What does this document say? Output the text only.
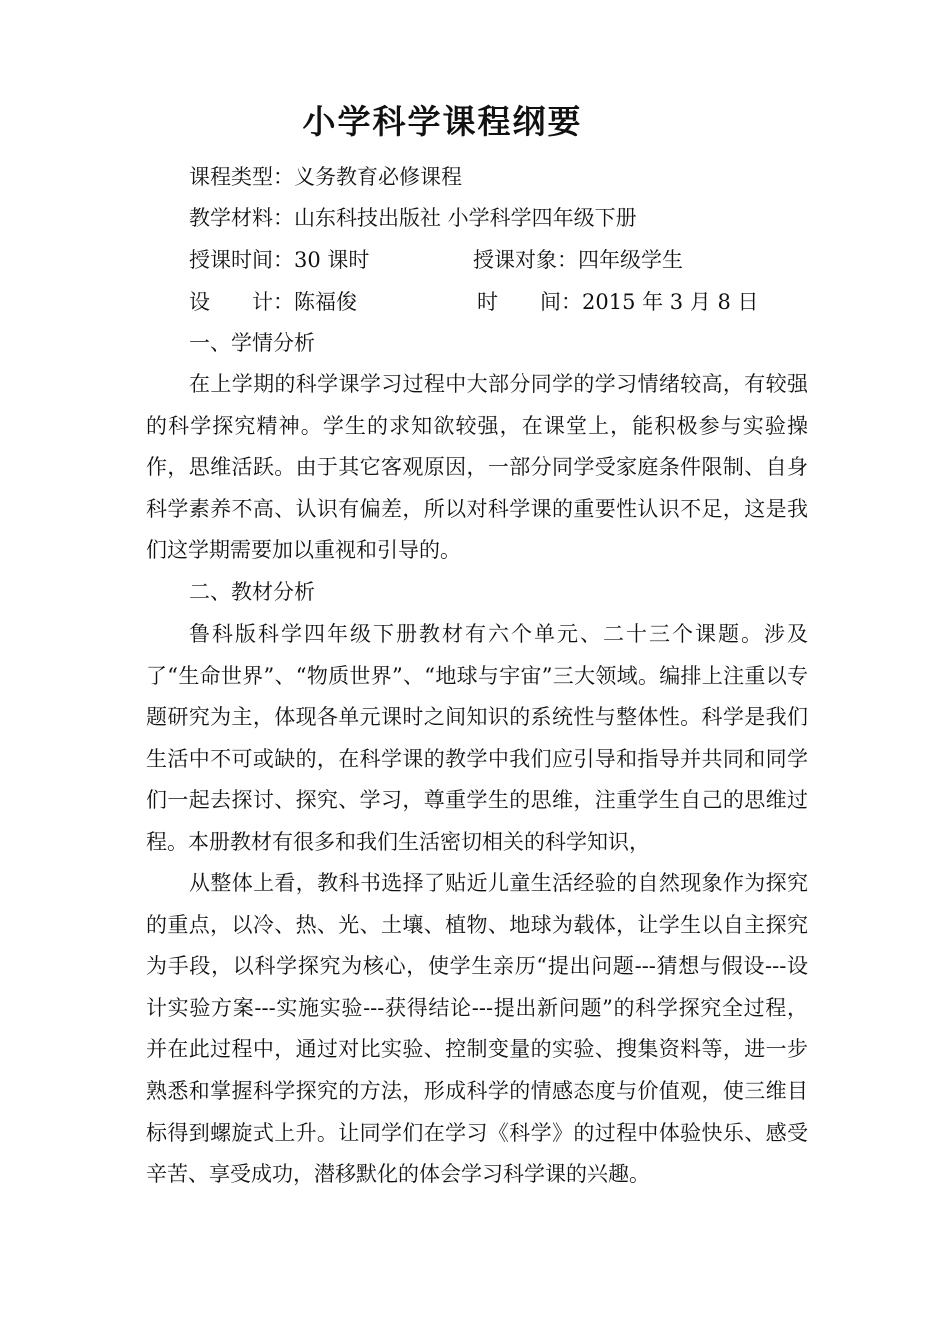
小学科学课程纲要
课程类型：义务教育必修课程
教学材料：山东科技出版社 小学科学四年级下册
授课时间：30 课时	授课对象：四年级学生
设　　计：陈福俊	时　　间：2015 年 3 月 8 日
一、学情分析

在上学期的科学课学习过程中大部分同学的学习情绪较高，有较强的科学探究精神。学生的求知欲较强，在课堂上，能积极参与实验操作，思维活跃。由于其它客观原因，一部分同学受家庭条件限制、自身科学素养不高、认识有偏差，所以对科学课的重要性认识不足，这是我们这学期需要加以重视和引导的。

二、教材分析

鲁科版科学四年级下册教材有六个单元、二十三个课题。涉及了“生命世界”、“物质世界”、“地球与宇宙”三大领域。编排上注重以专题研究为主，体现各单元课时之间知识的系统性与整体性。科学是我们生活中不可或缺的，在科学课的教学中我们应引导和指导并共同和同学们一起去探讨、探究、学习，尊重学生的思维，注重学生自己的思维过程。本册教材有很多和我们生活密切相关的科学知识，

从整体上看，教科书选择了贴近儿童生活经验的自然现象作为探究的重点，以冷、热、光、土壤、植物、地球为载体，让学生以自主探究为手段，以科学探究为核心，使学生亲历“提出问题---猜想与假设---设计实验方案---实施实验---获得结论---提出新问题”的科学探究全过程，并在此过程中，通过对比实验、控制变量的实验、搜集资料等，进一步熟悉和掌握科学探究的方法，形成科学的情感态度与价值观，使三维目标得到螺旋式上升。让同学们在学习《科学》的过程中体验快乐、感受辛苦、享受成功，潜移默化的体会学习科学课的兴趣。
